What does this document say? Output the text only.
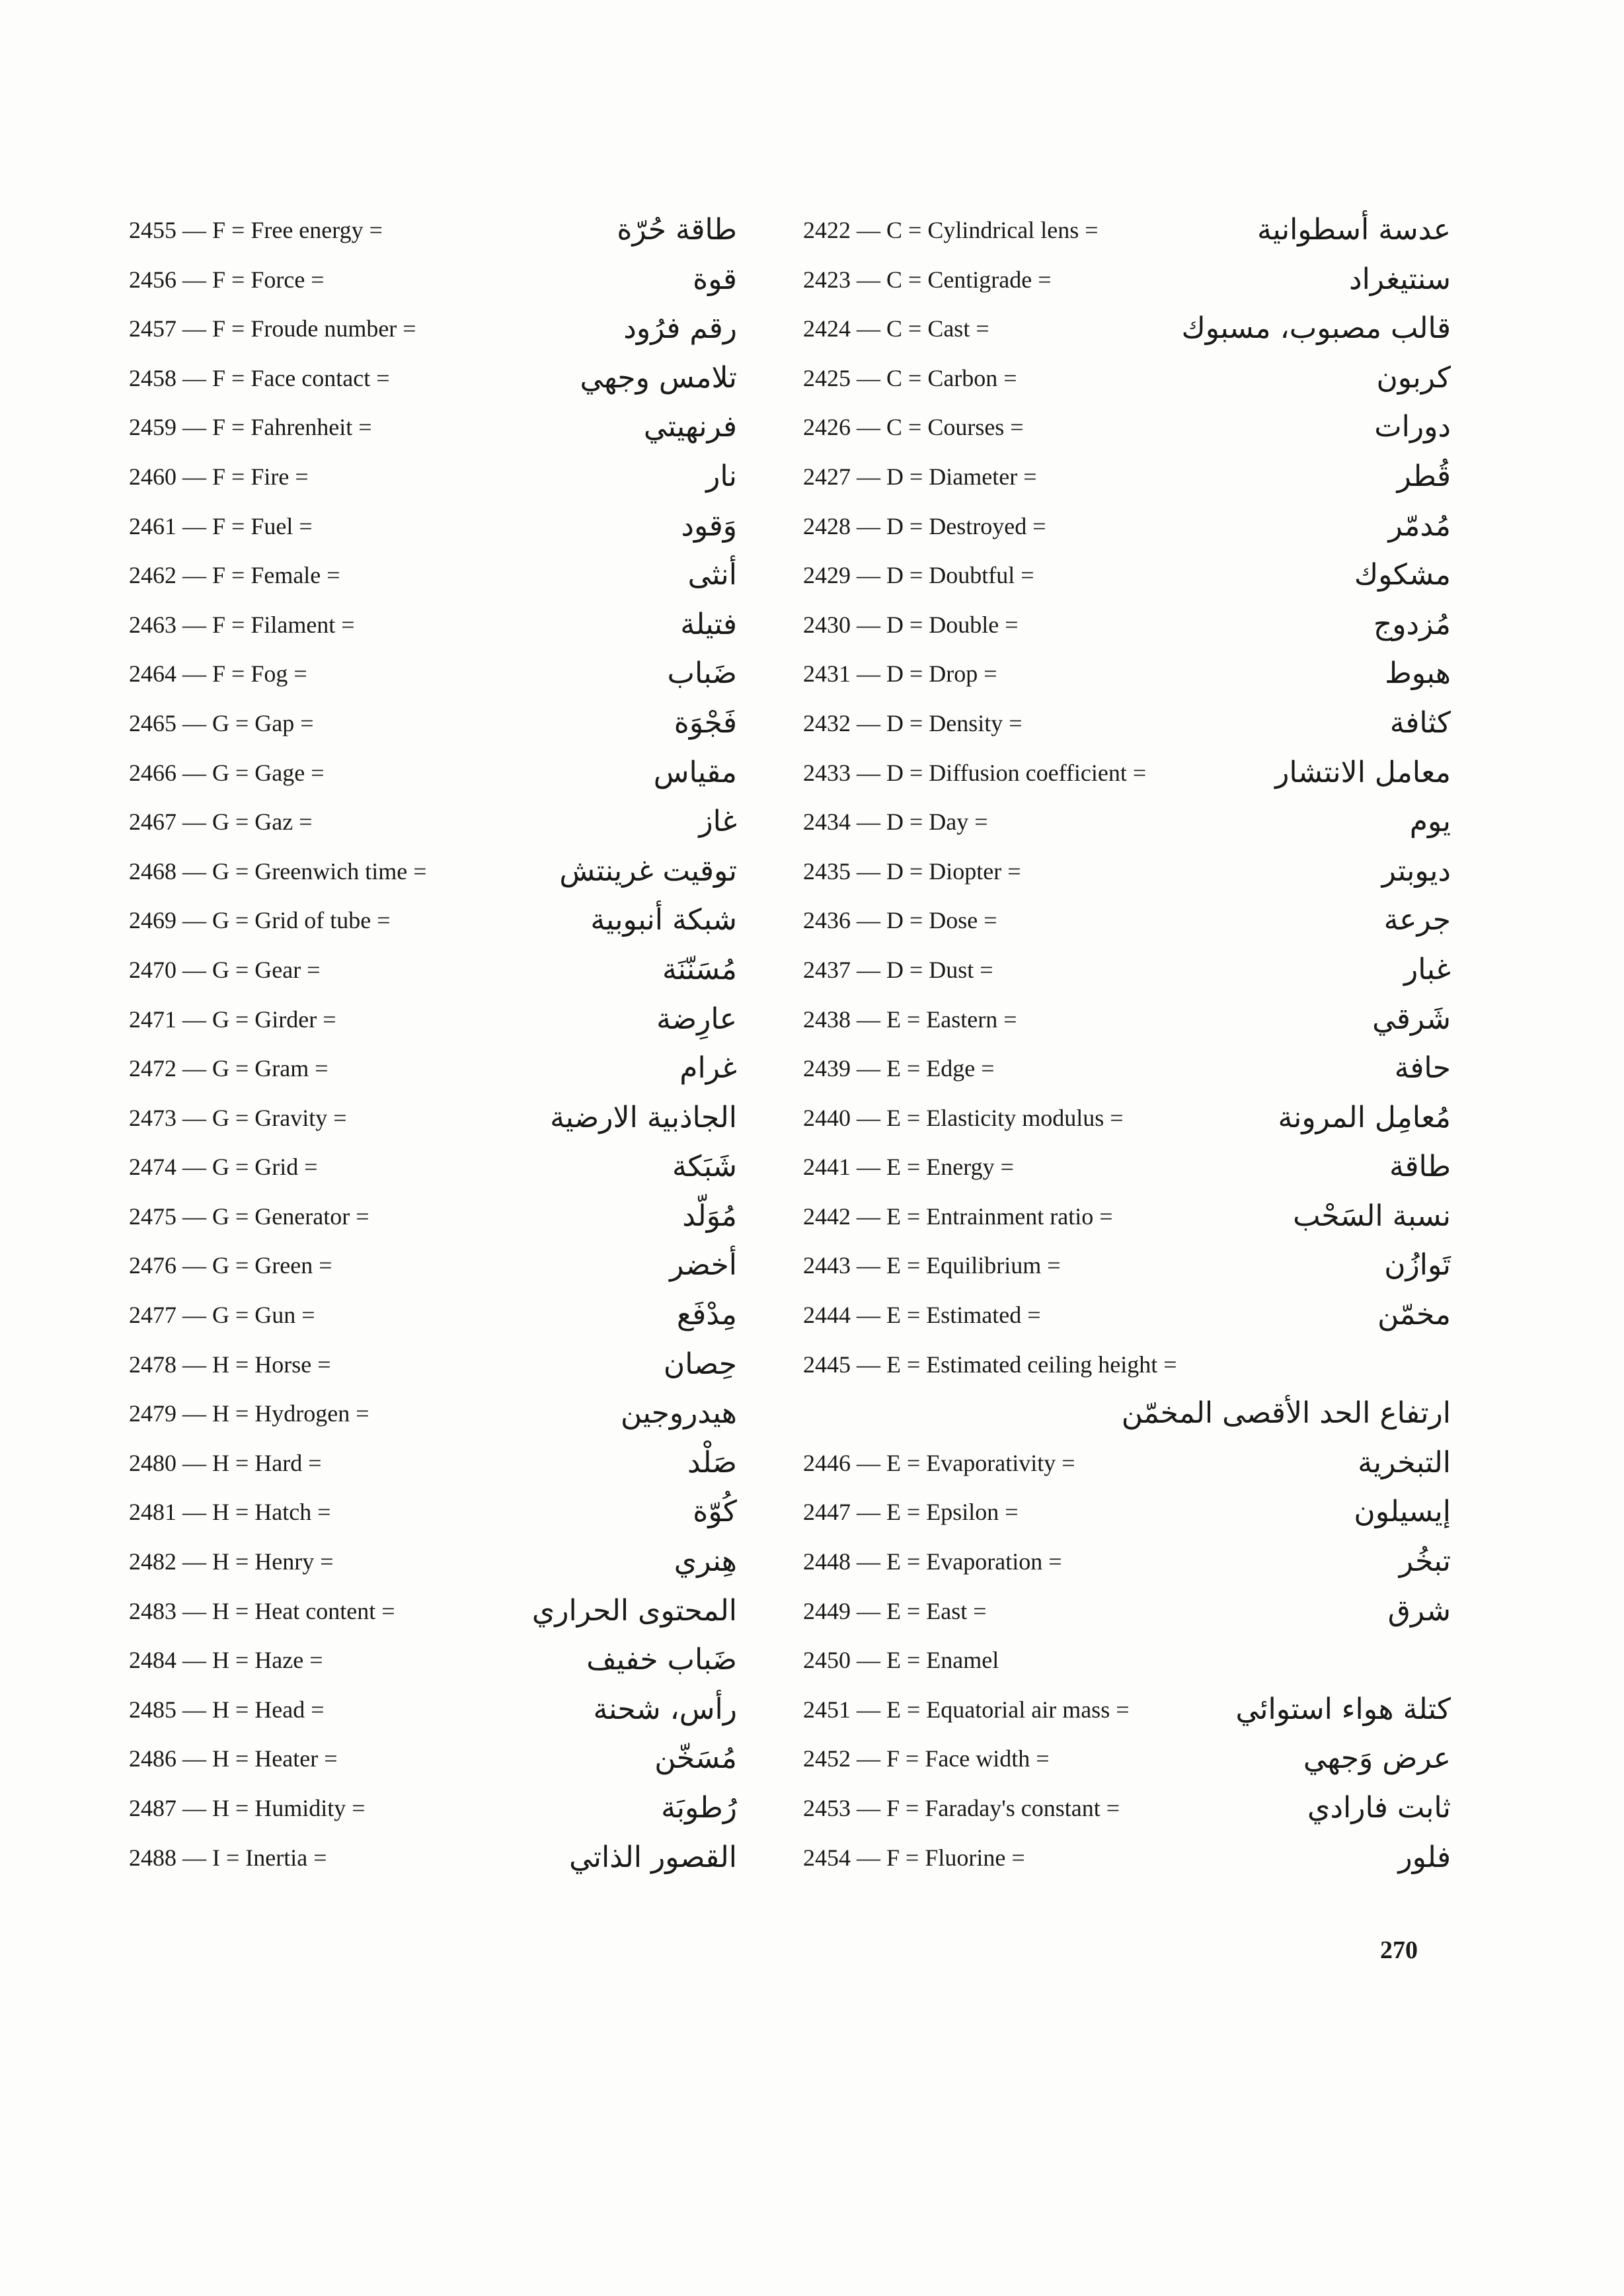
2455 — F = Free energy =	طاقة حُرّة
2456 — F = Force =	قوة
2457 — F = Froude number =	رقم فرُود
2458 — F = Face contact =	تلامس وجهي
2459 — F = Fahrenheit =	فرنهيتي
2460 — F = Fire =	نار
2461 — F = Fuel =	وَقود
2462 — F = Female =	أنثى
2463 — F = Filament =	فتيلة
2464 — F = Fog =	ضَباب
2465 — G = Gap =	فَجْوَة
2466 — G = Gage =	مقياس
2467 — G = Gaz =	غاز
2468 — G = Greenwich time =	توقيت غرينتش
2469 — G = Grid of tube =	شبكة أنبوبية
2470 — G = Gear =	مُسَنّنَة
2471 — G = Girder =	عارِضة
2472 — G = Gram =	غرام
2473 — G = Gravity =	الجاذبية الارضية
2474 — G = Grid =	شَبَكة
2475 — G = Generator =	مُوَلّد
2476 — G = Green =	أخضر
2477 — G = Gun =	مِدْفَع
2478 — H = Horse =	حِصان
2479 — H = Hydrogen =	هيدروجين
2480 — H = Hard =	صَلْد
2481 — H = Hatch =	كُوّة
2482 — H = Henry =	هِنري
2483 — H = Heat content =	المحتوى الحراري
2484 — H = Haze =	ضَباب خفيف
2485 — H = Head =	رأس، شحنة
2486 — H = Heater =	مُسَخّن
2487 — H = Humidity =	رُطوبَة
2488 — I = Inertia =	القصور الذاتي
2422 — C = Cylindrical lens =	عدسة أسطوانية
2423 — C = Centigrade =	سنتيغراد
2424 — C = Cast =	قالب مصبوب، مسبوك
2425 — C = Carbon =	كربون
2426 — C = Courses =	دورات
2427 — D = Diameter =	قُطر
2428 — D = Destroyed =	مُدمّر
2429 — D = Doubtful =	مشكوك
2430 — D = Double =	مُزدوج
2431 — D = Drop =	هبوط
2432 — D = Density =	كثافة
2433 — D = Diffusion coefficient =	معامل الانتشار
2434 — D = Day =	يوم
2435 — D = Diopter =	ديوبتر
2436 — D = Dose =	جرعة
2437 — D = Dust =	غبار
2438 — E = Eastern =	شَرقي
2439 — E = Edge =	حافة
2440 — E = Elasticity modulus =	مُعامِل المرونة
2441 — E = Energy =	طاقة
2442 — E = Entrainment ratio =	نسبة السَحْب
2443 — E = Equilibrium =	تَوازُن
2444 — E = Estimated =	مخمّن
2445 — E = Estimated ceiling height =
ارتفاع الحد الأقصى المخمّن
2446 — E = Evaporativity =	التبخرية
2447 — E = Epsilon =	إيسيلون
2448 — E = Evaporation =	تبخُر
2449 — E = East =	شرق
2450 — E = Enamel
2451 — E = Equatorial air mass =	كتلة هواء استوائي
2452 — F = Face width =	عرض وَجهي
2453 — F = Faraday's constant =	ثابت فارادي
2454 — F = Fluorine =	فلور
270
